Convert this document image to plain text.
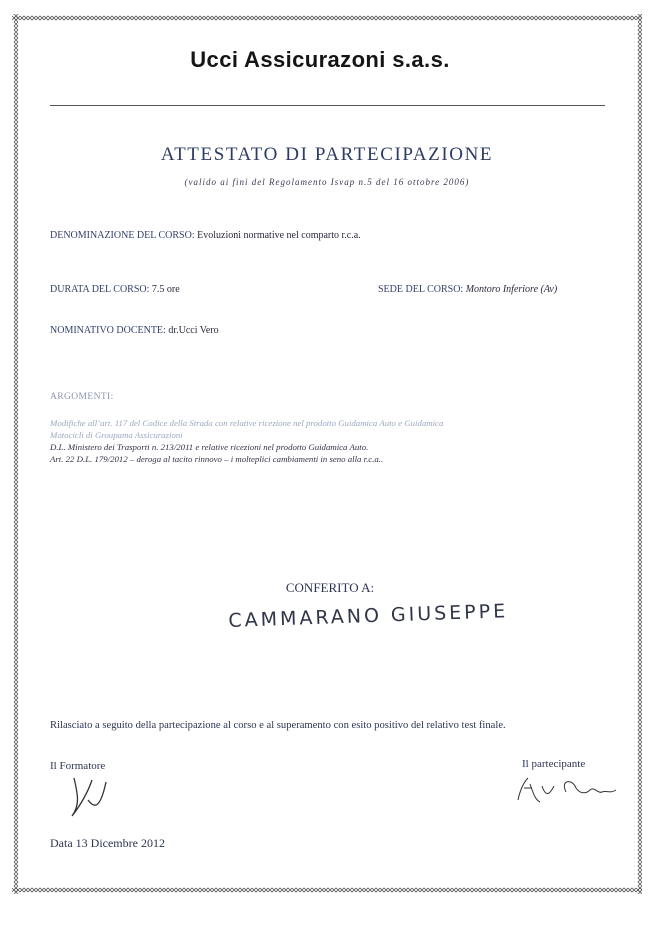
Ucci Assicurazoni s.a.s.
ATTESTATO DI PARTECIPAZIONE
(valido ai fini del Regolamento Isvap n.5 del 16 ottobre 2006)
DENOMINAZIONE DEL CORSO: Evoluzioni normative nel comparto r.c.a.
DURATA DEL CORSO: 7.5 ore	SEDE DEL CORSO: Montoro Inferiore (Av)
NOMINATIVO DOCENTE: dr.Ucci Vero
ARGOMENTI:
Modifiche all’art. 117 del Codice della Strada con relative ricezione nel prodotto Guidamica Auto e Guidamica
Motocicli di Groupama Assicurazioni
D.L. Ministero dei Trasporti n. 213/2011 e relative ricezioni nel prodotto Guidamica Auto.
Art. 22 D.L. 179/2012 – deroga al tacito rinnovo – i molteplici cambiamenti in seno alla r.c.a..
CONFERITO A:
CAMMARANO GIUSEPPE
Rilasciato a seguito della partecipazione al corso e al superamento con esito positivo del relativo test finale.
Il Formatore	Il partecipante
Data 13 Dicembre 2012
